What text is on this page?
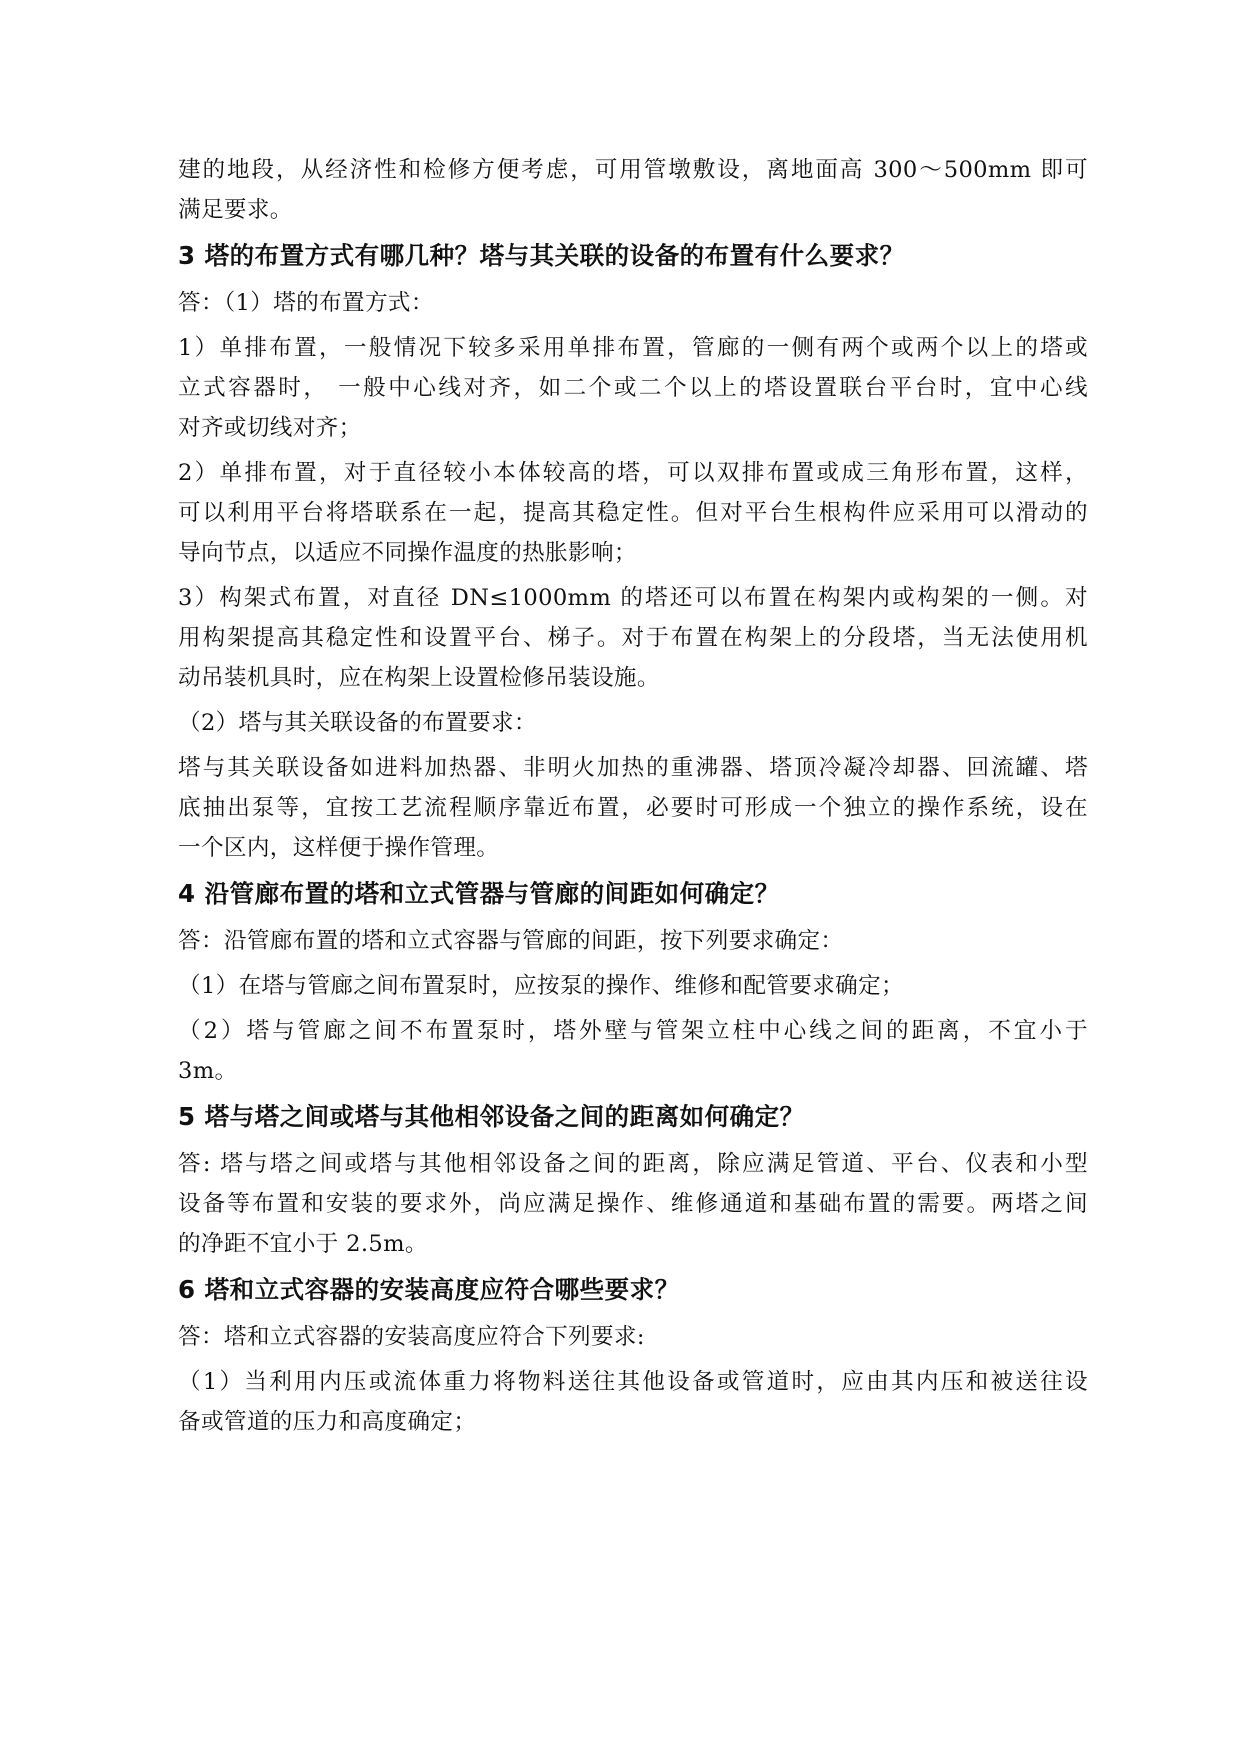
建的地段，从经济性和检修方便考虑，可用管墩敷设，离地面高 300～500mm 即可
满足要求。
3 塔的布置方式有哪几种？塔与其关联的设备的布置有什么要求？
答：（1）塔的布置方式：
1）单排布置，一般情况下较多采用单排布置，管廊的一侧有两个或两个以上的塔或
立式容器时， 一般中心线对齐，如二个或二个以上的塔设置联台平台时，宜中心线
对齐或切线对齐；
2）单排布置，对于直径较小本体较高的塔，可以双排布置或成三角形布置，这样，
可以利用平台将塔联系在一起，提高其稳定性。但对平台生根构件应采用可以滑动的
导向节点，以适应不同操作温度的热胀影响；
3）构架式布置，对直径 DN≤1000mm 的塔还可以布置在构架内或构架的一侧。对
用构架提高其稳定性和设置平台、梯子。对于布置在构架上的分段塔，当无法使用机
动吊装机具时，应在构架上设置检修吊装设施。
（2）塔与其关联设备的布置要求：
塔与其关联设备如进料加热器、非明火加热的重沸器、塔顶冷凝冷却器、回流罐、塔
底抽出泵等，宜按工艺流程顺序靠近布置，必要时可形成一个独立的操作系统，设在
一个区内，这样便于操作管理。
4 沿管廊布置的塔和立式管器与管廊的间距如何确定？
答：沿管廊布置的塔和立式容器与管廊的间距，按下列要求确定：
（1）在塔与管廊之间布置泵时，应按泵的操作、维修和配管要求确定；
（2）塔与管廊之间不布置泵时，塔外壁与管架立柱中心线之间的距离，不宜小于
3m。
5 塔与塔之间或塔与其他相邻设备之间的距离如何确定？
答: 塔与塔之间或塔与其他相邻设备之间的距离，除应满足管道、平台、仪表和小型
设备等布置和安装的要求外，尚应满足操作、维修通道和基础布置的需要。两塔之间
的净距不宜小于 2.5m。
6 塔和立式容器的安装高度应符合哪些要求？
答：塔和立式容器的安装高度应符合下列要求:
（1）当利用内压或流体重力将物料送往其他设备或管道时，应由其内压和被送往设
备或管道的压力和高度确定；
